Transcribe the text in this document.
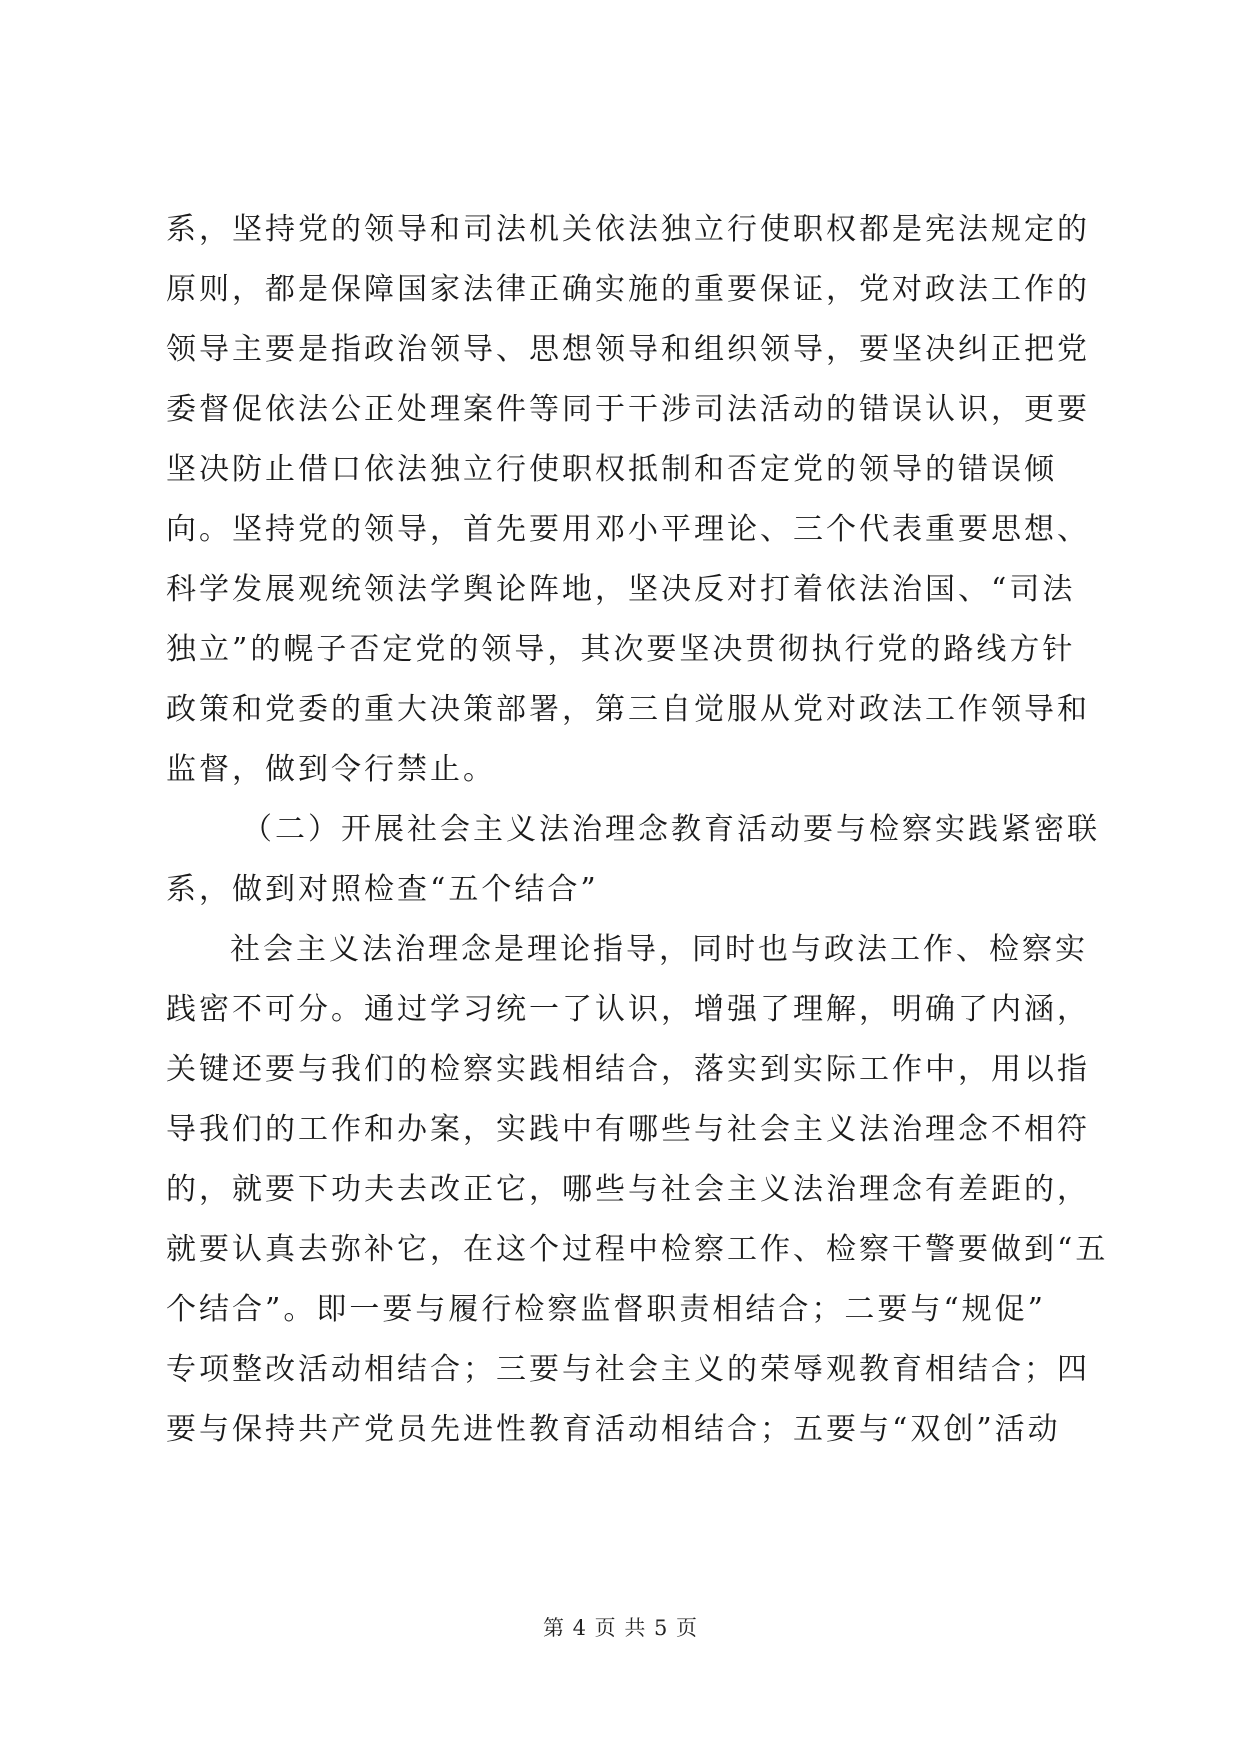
系，坚持党的领导和司法机关依法独立行使职权都是宪法规定的
原则，都是保障国家法律正确实施的重要保证，党对政法工作的
领导主要是指政治领导、思想领导和组织领导，要坚决纠正把党
委督促依法公正处理案件等同于干涉司法活动的错误认识，更要
坚决防止借口依法独立行使职权抵制和否定党的领导的错误倾
向。坚持党的领导，首先要用邓小平理论、三个代表重要思想、
科学发展观统领法学舆论阵地，坚决反对打着依法治国、“司法
独立”的幌子否定党的领导，其次要坚决贯彻执行党的路线方针
政策和党委的重大决策部署，第三自觉服从党对政法工作领导和
监督，做到令行禁止。
（二）开展社会主义法治理念教育活动要与检察实践紧密联
系，做到对照检查“五个结合”
社会主义法治理念是理论指导，同时也与政法工作、检察实
践密不可分。通过学习统一了认识，增强了理解，明确了内涵，
关键还要与我们的检察实践相结合，落实到实际工作中，用以指
导我们的工作和办案，实践中有哪些与社会主义法治理念不相符
的，就要下功夫去改正它，哪些与社会主义法治理念有差距的，
就要认真去弥补它，在这个过程中检察工作、检察干警要做到“五
个结合”。即一要与履行检察监督职责相结合；二要与“规促”
专项整改活动相结合；三要与社会主义的荣辱观教育相结合；四
要与保持共产党员先进性教育活动相结合；五要与“双创”活动
第 4 页 共 5 页
